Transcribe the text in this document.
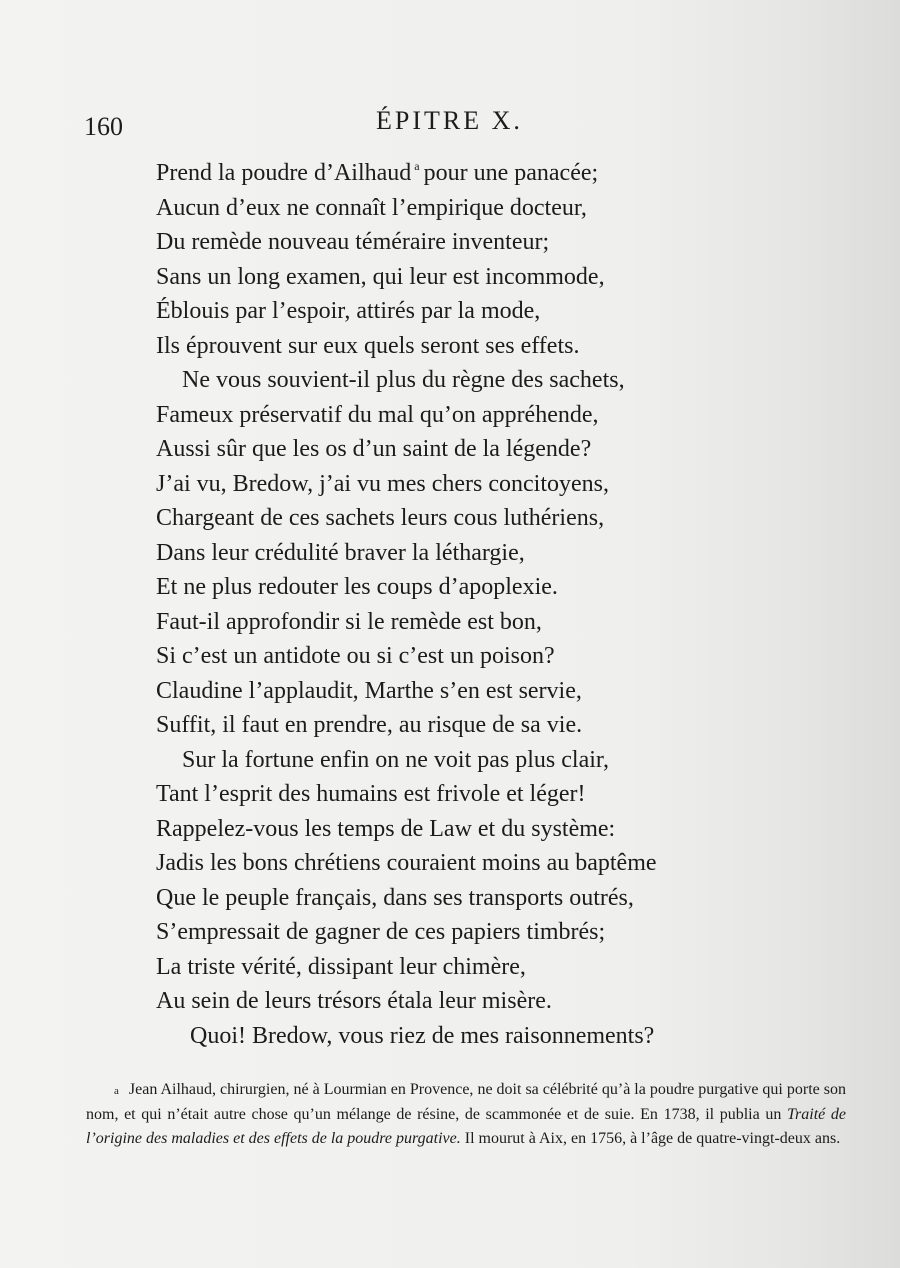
160	ÉPITRE X.

Prend la poudre d’Ailhaud $^a$ pour une panacée;
Aucun d’eux ne connaît l’empirique docteur,
Du remède nouveau téméraire inventeur;
Sans un long examen, qui leur est incommode,
Éblouis par l’espoir, attirés par la mode,
Ils éprouvent sur eux quels seront ses effets.
Ne vous souvient-il plus du règne des sachets,
Fameux préservatif du mal qu’on appréhende,
Aussi sûr que les os d’un saint de la légende?
J’ai vu, Bredow, j’ai vu mes chers concitoyens,
Chargeant de ces sachets leurs cous luthériens,
Dans leur crédulité braver la léthargie,
Et ne plus redouter les coups d’apoplexie.
Faut-il approfondir si le remède est bon,
Si c’est un antidote ou si c’est un poison?
Claudine l’applaudit, Marthe s’en est servie,
Suffit, il faut en prendre, au risque de sa vie.
Sur la fortune enfin on ne voit pas plus clair,
Tant l’esprit des humains est frivole et léger!
Rappelez-vous les temps de Law et du système:
Jadis les bons chrétiens couraient moins au baptême
Que le peuple français, dans ses transports outrés,
S’empressait de gagner de ces papiers timbrés;
La triste vérité, dissipant leur chimère,
Au sein de leurs trésors étala leur misère.
Quoi! Bredow, vous riez de mes raisonnements?

a Jean Ailhaud, chirurgien, né à Lourmian en Provence, ne doit sa célébrité qu’à la poudre purgative qui porte son nom, et qui n’était autre chose qu’un mélange de résine, de scammonée et de suie. En 1738, il publia un Traité de l’origine des maladies et des effets de la poudre purgative. Il mourut à Aix, en 1756, à l’âge de quatre-vingt-deux ans.
